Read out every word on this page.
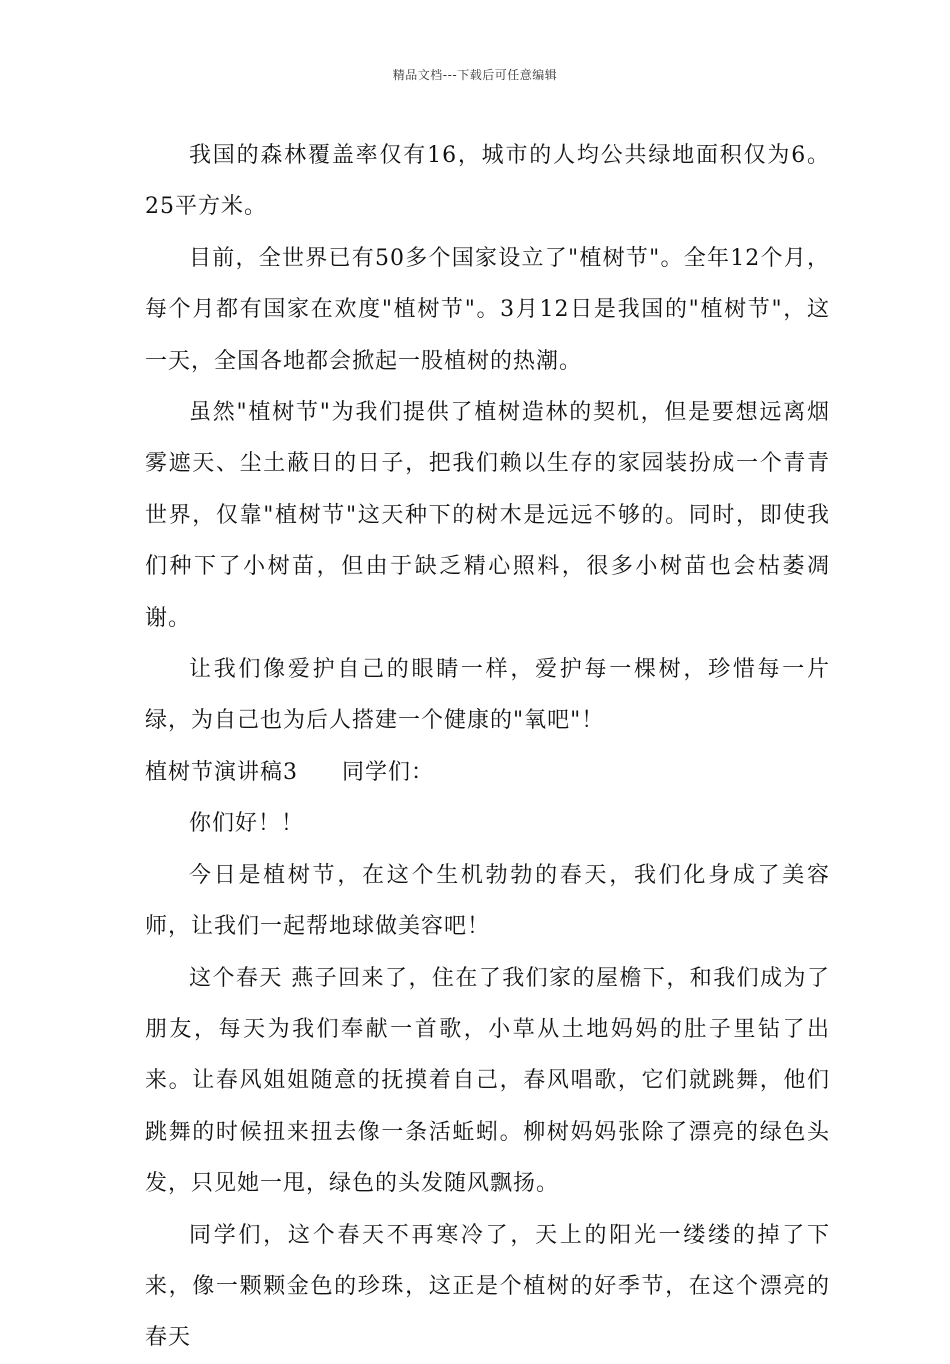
精品文档---下载后可任意编辑

我国的森林覆盖率仅有16，城市的人均公共绿地面积仅为6。25平方米。

目前，全世界已有50多个国家设立了"植树节"。全年12个月，每个月都有国家在欢度"植树节"。3月12日是我国的"植树节"，这一天，全国各地都会掀起一股植树的热潮。

虽然"植树节"为我们提供了植树造林的契机，但是要想远离烟雾遮天、尘土蔽日的日子，把我们赖以生存的家园装扮成一个青青世界，仅靠"植树节"这天种下的树木是远远不够的。同时，即使我们种下了小树苗，但由于缺乏精心照料，很多小树苗也会枯萎凋谢。

让我们像爱护自己的眼睛一样，爱护每一棵树，珍惜每一片绿，为自己也为后人搭建一个健康的"氧吧"！

植树节演讲稿3 同学们：

你们好！！

今日是植树节，在这个生机勃勃的春天，我们化身成了美容师，让我们一起帮地球做美容吧！

这个春天 燕子回来了，住在了我们家的屋檐下，和我们成为了朋友，每天为我们奉献一首歌，小草从土地妈妈的肚子里钻了出来。让春风姐姐随意的抚摸着自己，春风唱歌，它们就跳舞，他们跳舞的时候扭来扭去像一条活蚯蚓。柳树妈妈张除了漂亮的绿色头发，只见她一甩，绿色的头发随风飘扬。

同学们，这个春天不再寒冷了，天上的阳光一缕缕的掉了下来，像一颗颗金色的珍珠，这正是个植树的好季节，在这个漂亮的春天
